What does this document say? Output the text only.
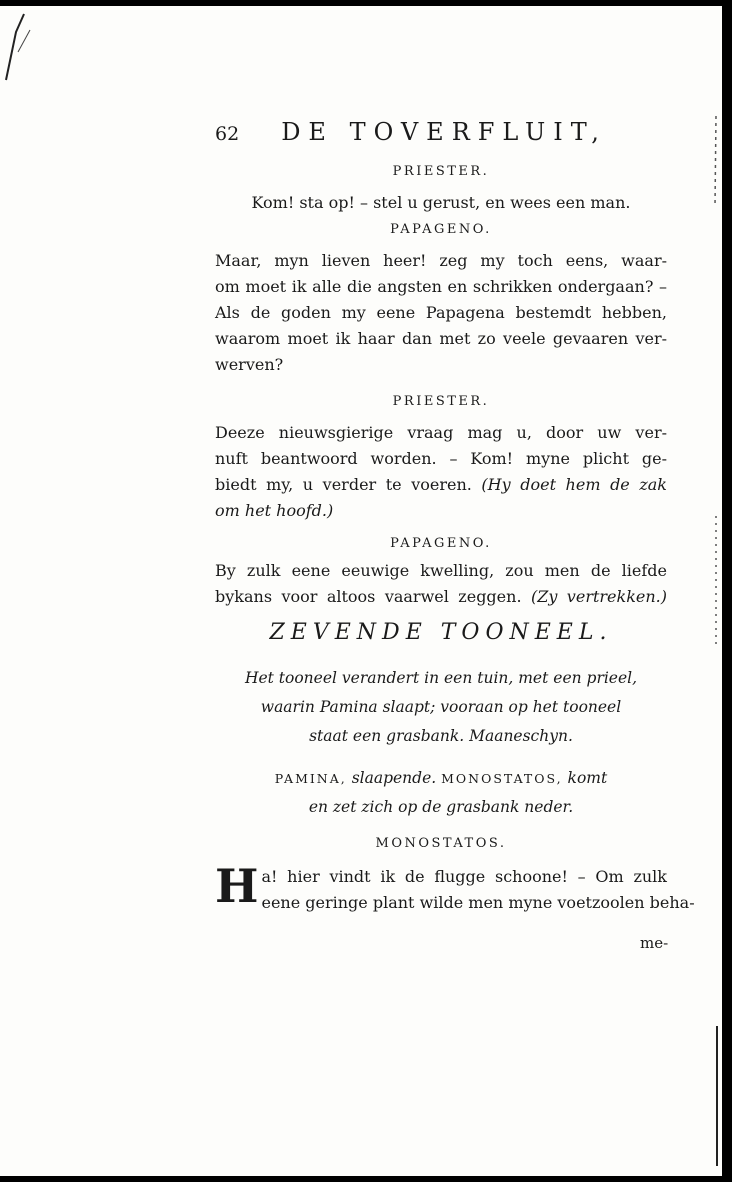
62 DE TOVERFLUIT,
PRIESTER.
Kom! sta op! – stel u gerust, en wees een man.
PAPAGENO.
Maar, myn lieven heer! zeg my toch eens, waar-
om moet ik alle die angsten en schrikken ondergaan? –
Als de goden my eene Papagena bestemdt hebben,
waarom moet ik haar dan met zo veele gevaaren ver-
werven?
PRIESTER.
Deeze nieuwsgierige vraag mag u, door uw ver-
nuft beantwoord worden. – Kom! myne plicht ge-
biedt my, u verder te voeren. (Hy doet hem de zak
om het hoofd.)
PAPAGENO.
By zulk eene eeuwige kwelling, zou men de liefde
bykans voor altoos vaarwel zeggen. (Zy vertrekken.)
ZEVENDE TOONEEL.
Het tooneel verandert in een tuin, met een prieel,
waarin Pamina slaapt; vooraan op het tooneel
staat een grasbank. Maaneschyn.
PAMINA, slaapende. MONOSTATOS, komt
en zet zich op de grasbank neder.
MONOSTATOS.
H a! hier vindt ik de flugge schoone! – Om zulk
eene geringe plant wilde men myne voetzoolen beha-
me-
